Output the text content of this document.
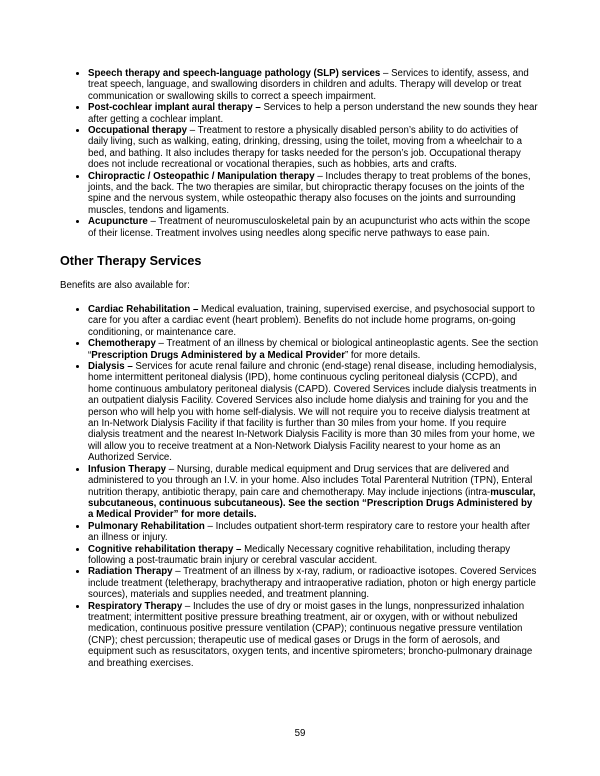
• Speech therapy and speech-language pathology (SLP) services – Services to identify, assess, and treat speech, language, and swallowing disorders in children and adults. Therapy will develop or treat communication or swallowing skills to correct a speech impairment.
• Post-cochlear implant aural therapy – Services to help a person understand the new sounds they hear after getting a cochlear implant.
• Occupational therapy – Treatment to restore a physically disabled person’s ability to do activities of daily living, such as walking, eating, drinking, dressing, using the toilet, moving from a wheelchair to a bed, and bathing. It also includes therapy for tasks needed for the person’s job. Occupational therapy does not include recreational or vocational therapies, such as hobbies, arts and crafts.
• Chiropractic / Osteopathic / Manipulation therapy – Includes therapy to treat problems of the bones, joints, and the back. The two therapies are similar, but chiropractic therapy focuses on the joints of the spine and the nervous system, while osteopathic therapy also focuses on the joints and surrounding muscles, tendons and ligaments.
• Acupuncture – Treatment of neuromusculoskeletal pain by an acupuncturist who acts within the scope of their license. Treatment involves using needles along specific nerve pathways to ease pain.
Other Therapy Services

Benefits are also available for:

• Cardiac Rehabilitation – Medical evaluation, training, supervised exercise, and psychosocial support to care for you after a cardiac event (heart problem). Benefits do not include home programs, on-going conditioning, or maintenance care.
• Chemotherapy – Treatment of an illness by chemical or biological antineoplastic agents. See the section “Prescription Drugs Administered by a Medical Provider” for more details.
• Dialysis – Services for acute renal failure and chronic (end-stage) renal disease, including hemodialysis, home intermittent peritoneal dialysis (IPD), home continuous cycling peritoneal dialysis (CCPD), and home continuous ambulatory peritoneal dialysis (CAPD). Covered Services include dialysis treatments in an outpatient dialysis Facility. Covered Services also include home dialysis and training for you and the person who will help you with home self-dialysis. We will not require you to receive dialysis treatment at an In-Network Dialysis Facility if that facility is further than 30 miles from your home. If you require dialysis treatment and the nearest In-Network Dialysis Facility is more than 30 miles from your home, we will allow you to receive treatment at a Non-Network Dialysis Facility nearest to your home as an Authorized Service.
• Infusion Therapy – Nursing, durable medical equipment and Drug services that are delivered and administered to you through an I.V. in your home. Also includes Total Parenteral Nutrition (TPN), Enteral nutrition therapy, antibiotic therapy, pain care and chemotherapy. May include injections (intra-muscular, subcutaneous, continuous subcutaneous). See the section “Prescription Drugs Administered by a Medical Provider” for more details.
• Pulmonary Rehabilitation – Includes outpatient short-term respiratory care to restore your health after an illness or injury.
• Cognitive rehabilitation therapy – Medically Necessary cognitive rehabilitation, including therapy following a post-traumatic brain injury or cerebral vascular accident.
• Radiation Therapy – Treatment of an illness by x-ray, radium, or radioactive isotopes. Covered Services include treatment (teletherapy, brachytherapy and intraoperative radiation, photon or high energy particle sources), materials and supplies needed, and treatment planning.
• Respiratory Therapy – Includes the use of dry or moist gases in the lungs, nonpressurized inhalation treatment; intermittent positive pressure breathing treatment, air or oxygen, with or without nebulized medication, continuous positive pressure ventilation (CPAP); continuous negative pressure ventilation (CNP); chest percussion; therapeutic use of medical gases or Drugs in the form of aerosols, and equipment such as resuscitators, oxygen tents, and incentive spirometers; broncho-pulmonary drainage and breathing exercises.
59
